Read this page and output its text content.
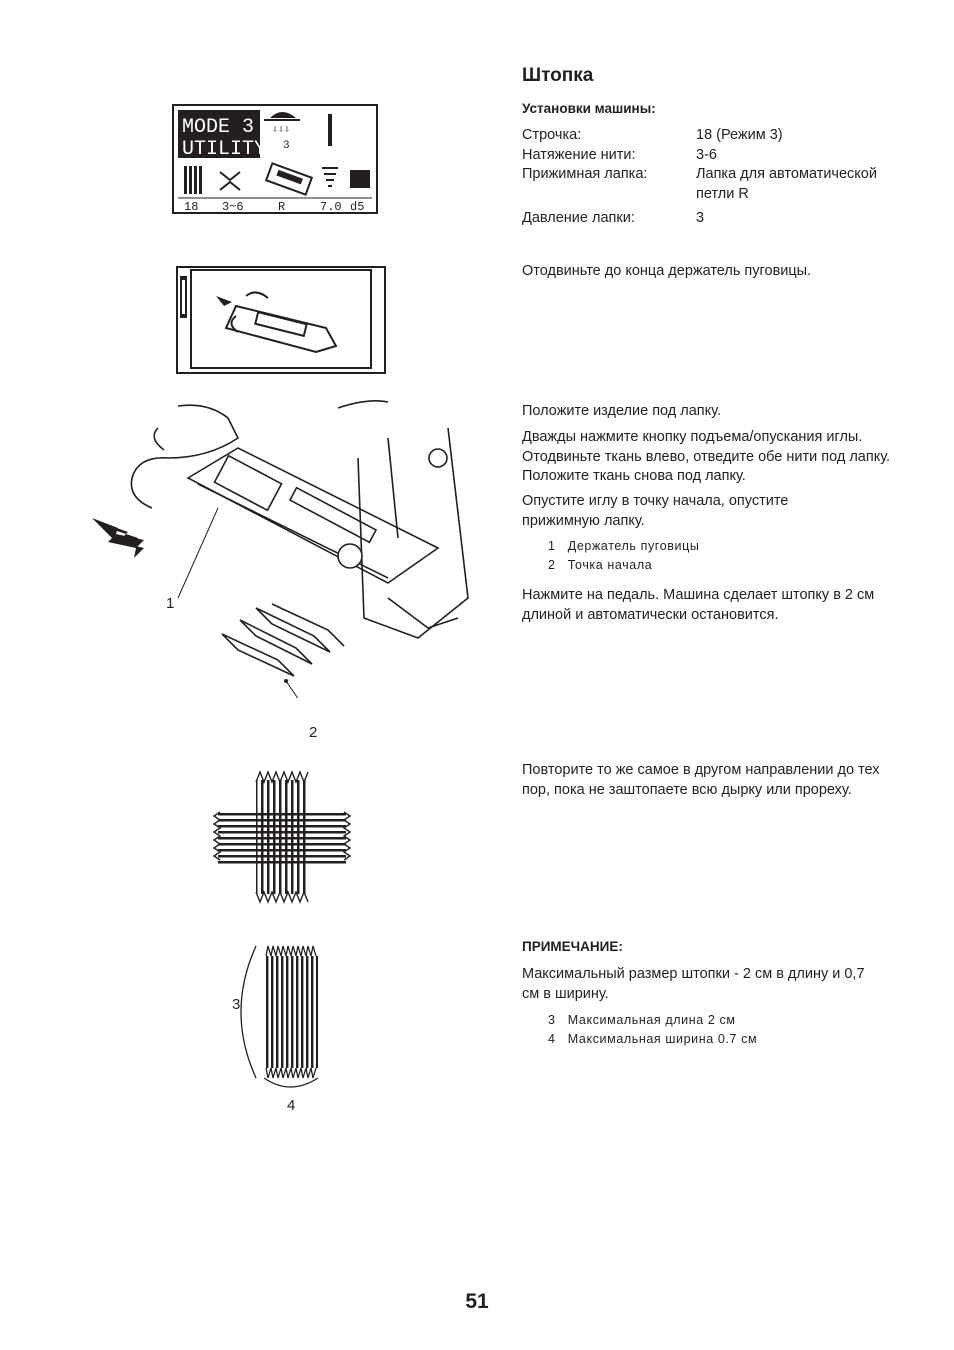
Штопка
Установки машины:
Строчка:	18 (Режим 3)
Натяжение нити:	3-6
Прижимная лапка:	Лапка для автоматической петли R
Давление лапки:	3

Отодвиньте до конца держатель пуговицы.

Положите изделие под лапку.

Дважды нажмите кнопку подъема/опускания иглы. Отодвиньте ткань влево, отведите обе нити под лапку. Положите ткань снова под лапку.

Опустите иглу в точку начала, опустите прижимную лапку.

1 Держатель пуговицы
2 Точка начала

Нажмите на педаль. Машина сделает штопку в 2 см длиной и автоматически остановится.

Повторите то же самое в другом направлении до тех пор, пока не заштопаете всю дырку или прореху.

ПРИМЕЧАНИЕ:

Максимальный размер штопки - 2 см в длину и 0,7 см в ширину.

3 Максимальная длина 2 см
4 Максимальная ширина 0.7 см
51
MODE 3
UTILITY
⇩⇩⇩
3
18 3~6	R	7.0 d5
1
2
3
4
